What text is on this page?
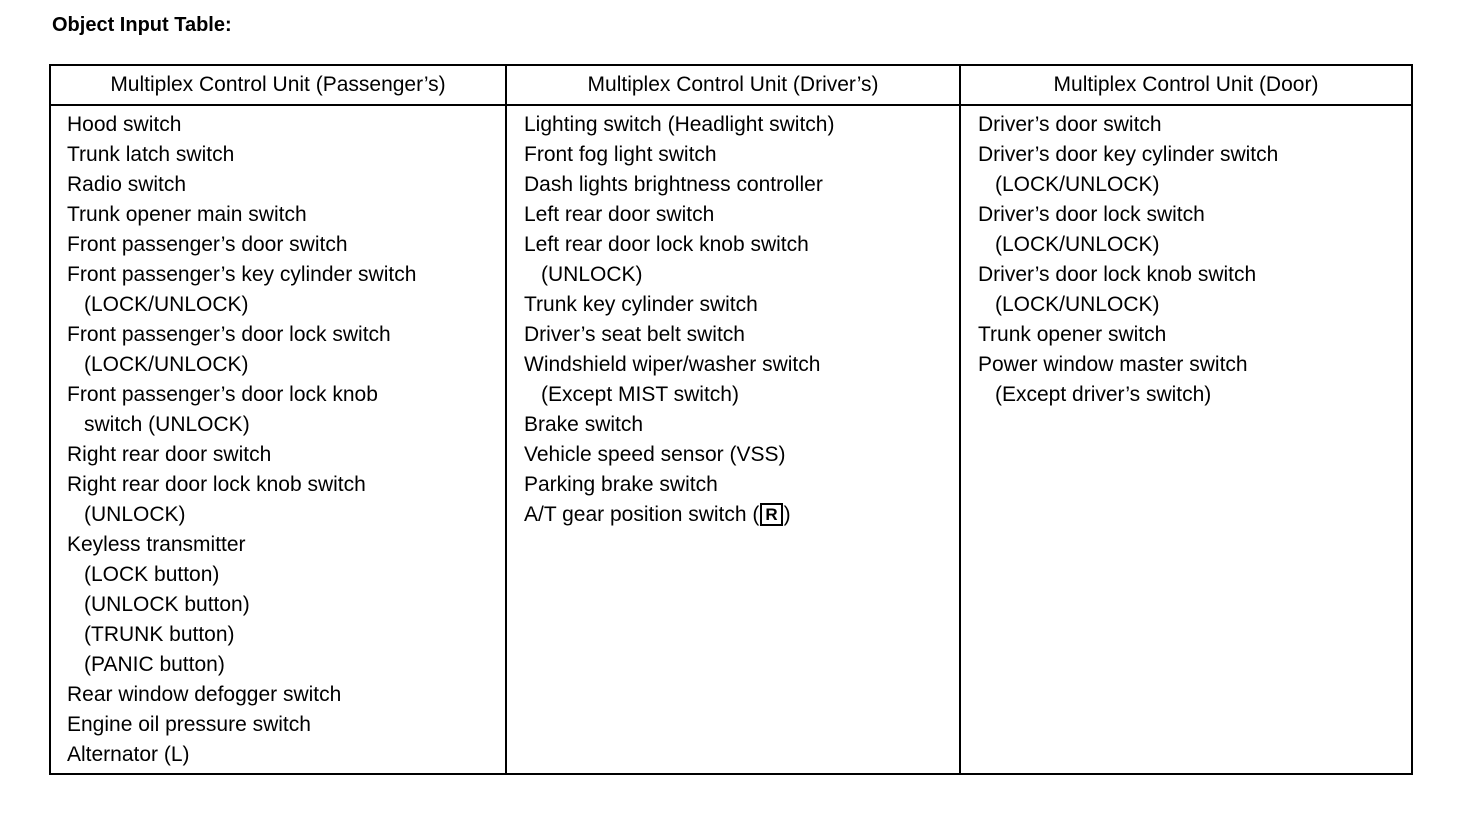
Object Input Table:
Multiplex Control Unit (Passenger’s)
Hood switch
Trunk latch switch
Radio switch
Trunk opener main switch
Front passenger’s door switch
Front passenger’s key cylinder switch
(LOCK/UNLOCK)
Front passenger’s door lock switch
(LOCK/UNLOCK)
Front passenger’s door lock knob
switch (UNLOCK)
Right rear door switch
Right rear door lock knob switch
(UNLOCK)
Keyless transmitter
(LOCK button)
(UNLOCK button)
(TRUNK button)
(PANIC button)
Rear window defogger switch
Engine oil pressure switch
Alternator (L)
Multiplex Control Unit (Driver’s)
Lighting switch (Headlight switch)
Front fog light switch
Dash lights brightness controller
Left rear door switch
Left rear door lock knob switch
(UNLOCK)
Trunk key cylinder switch
Driver’s seat belt switch
Windshield wiper/washer switch
(Except MIST switch)
Brake switch
Vehicle speed sensor (VSS)
Parking brake switch
A/T gear position switch ( R )
Multiplex Control Unit (Door)
Driver’s door switch
Driver’s door key cylinder switch
(LOCK/UNLOCK)
Driver’s door lock switch
(LOCK/UNLOCK)
Driver’s door lock knob switch
(LOCK/UNLOCK)
Trunk opener switch
Power window master switch
(Except driver’s switch)
